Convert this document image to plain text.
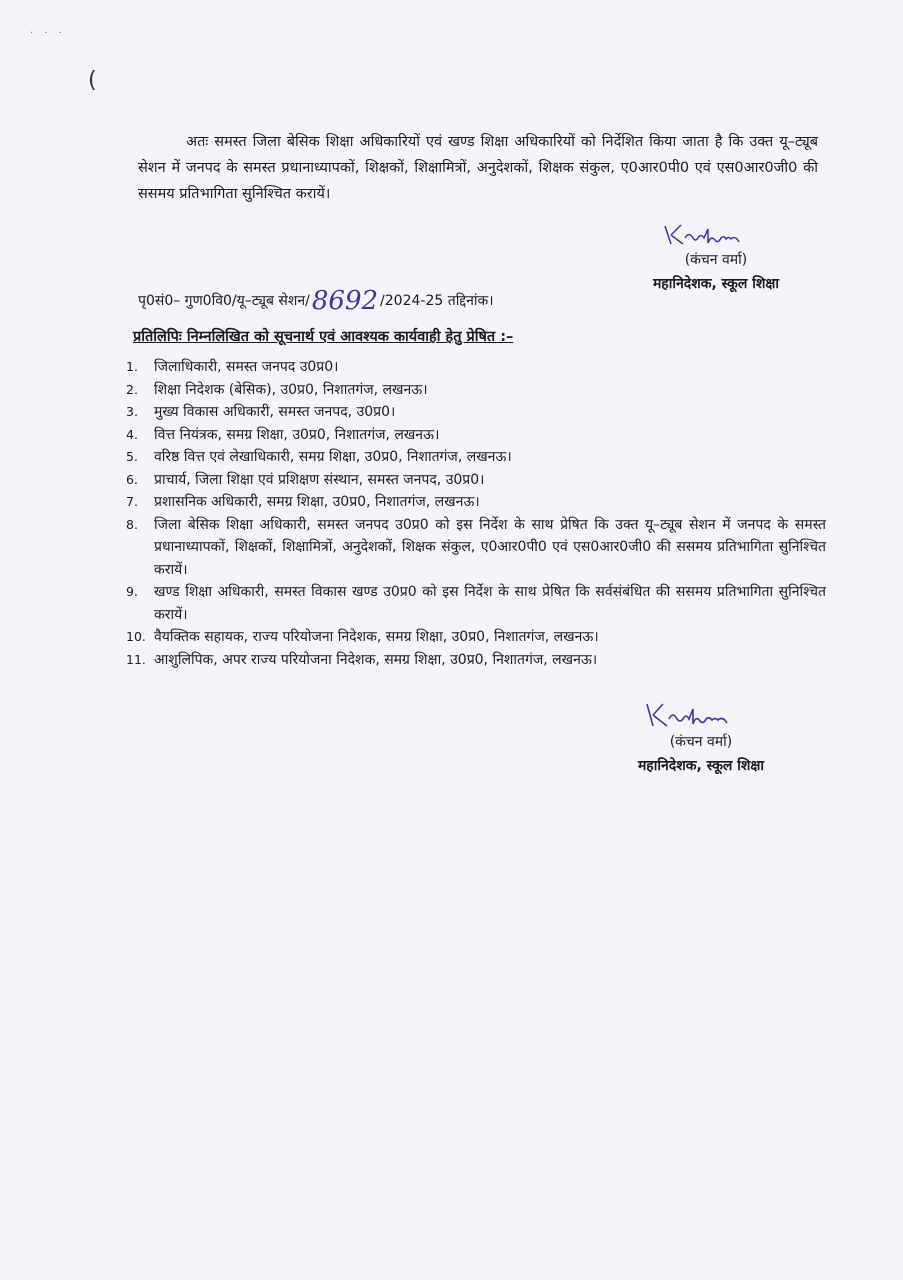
· · ·
(

अतः समस्त जिला बेसिक शिक्षा अधिकारियों एवं खण्ड शिक्षा अधिकारियों को निर्देशित किया जाता है कि उक्त यू–ट्यूब सेशन में जनपद के समस्त प्रधानाध्यापकों, शिक्षकों, शिक्षामित्रों, अनुदेशकों, शिक्षक संकुल, ए0आर0पी0 एवं एस0आर0जी0 की ससमय प्रतिभागिता सुनिश्चित करायें।

(कंचन वर्मा)
महानिदेशक, स्कूल शिक्षा
पृ0सं0– गुण0वि0/यू–ट्यूब सेशन/ 8692 /2024-25 तद्दिनांक।
प्रतिलिपिः निम्नलिखित को सूचनार्थ एवं आवश्यक कार्यवाही हेतु प्रेषित :–
1.	जिलाधिकारी, समस्त जनपद उ0प्र0।
2.	शिक्षा निदेशक (बेसिक), उ0प्र0, निशातगंज, लखनऊ।
3.	मुख्य विकास अधिकारी, समस्त जनपद, उ0प्र0।
4.	वित्त नियंत्रक, समग्र शिक्षा, उ0प्र0, निशातगंज, लखनऊ।
5.	वरिष्ठ वित्त एवं लेखाधिकारी, समग्र शिक्षा, उ0प्र0, निशातगंज, लखनऊ।
6.	प्राचार्य, जिला शिक्षा एवं प्रशिक्षण संस्थान, समस्त जनपद, उ0प्र0।
7.	प्रशासनिक अधिकारी, समग्र शिक्षा, उ0प्र0, निशातगंज, लखनऊ।
8.	जिला बेसिक शिक्षा अधिकारी, समस्त जनपद उ0प्र0 को इस निर्देश के साथ प्रेषित कि उक्त यू–ट्यूब सेशन में जनपद के समस्त प्रधानाध्यापकों, शिक्षकों, शिक्षामित्रों, अनुदेशकों, शिक्षक संकुल, ए0आर0पी0 एवं एस0आर0जी0 की ससमय प्रतिभागिता सुनिश्चित करायें।
9.	खण्ड शिक्षा अधिकारी, समस्त विकास खण्ड उ0प्र0 को इस निर्देश के साथ प्रेषित कि सर्वसंबंधित की ससमय प्रतिभागिता सुनिश्चित करायें।
10. वैयक्तिक सहायक, राज्य परियोजना निदेशक, समग्र शिक्षा, उ0प्र0, निशातगंज, लखनऊ।
11. आशुलिपिक, अपर राज्य परियोजना निदेशक, समग्र शिक्षा, उ0प्र0, निशातगंज, लखनऊ।
(कंचन वर्मा)
महानिदेशक, स्कूल शिक्षा
